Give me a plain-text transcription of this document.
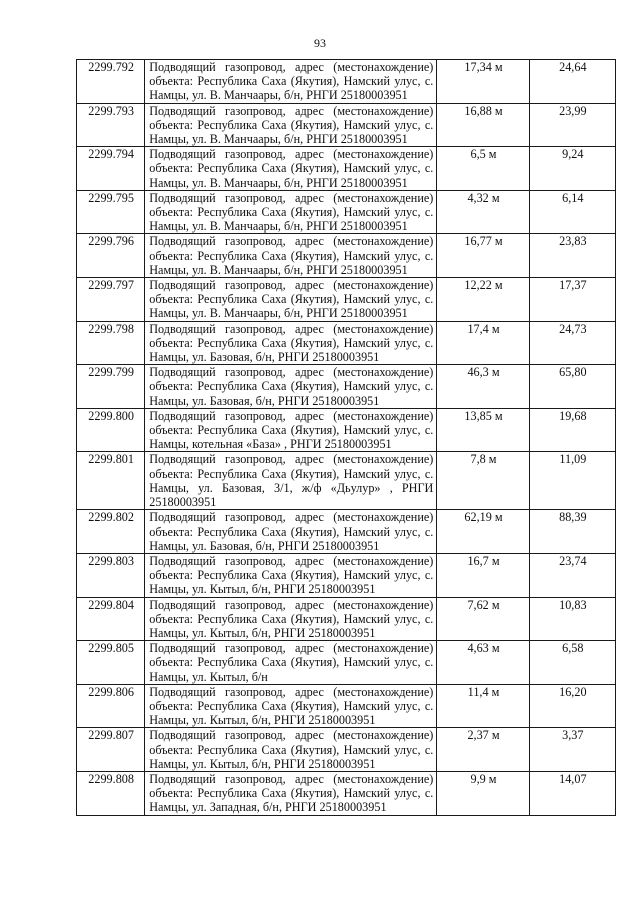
93
2299.792	Подводящий газопровод, адрес (местонахождение) объекта: Республика Саха (Якутия), Намский улус, с. Намцы, ул. В. Манчаары, б/н, РНГИ 25180003951	17,34 м	24,64
2299.793	Подводящий газопровод, адрес (местонахождение) объекта: Республика Саха (Якутия), Намский улус, с. Намцы, ул. В. Манчаары, б/н, РНГИ 25180003951	16,88 м	23,99
2299.794	Подводящий газопровод, адрес (местонахождение) объекта: Республика Саха (Якутия), Намский улус, с. Намцы, ул. В. Манчаары, б/н, РНГИ 25180003951	6,5 м	9,24
2299.795	Подводящий газопровод, адрес (местонахождение) объекта: Республика Саха (Якутия), Намский улус, с. Намцы, ул. В. Манчаары, б/н, РНГИ 25180003951	4,32 м	6,14
2299.796	Подводящий газопровод, адрес (местонахождение) объекта: Республика Саха (Якутия), Намский улус, с. Намцы, ул. В. Манчаары, б/н, РНГИ 25180003951	16,77 м	23,83
2299.797	Подводящий газопровод, адрес (местонахождение) объекта: Республика Саха (Якутия), Намский улус, с. Намцы, ул. В. Манчаары, б/н, РНГИ 25180003951	12,22 м	17,37
2299.798	Подводящий газопровод, адрес (местонахождение) объекта: Республика Саха (Якутия), Намский улус, с. Намцы, ул. Базовая, б/н, РНГИ 25180003951	17,4 м	24,73
2299.799	Подводящий газопровод, адрес (местонахождение) объекта: Республика Саха (Якутия), Намский улус, с. Намцы, ул. Базовая, б/н, РНГИ 25180003951	46,3 м	65,80
2299.800	Подводящий газопровод, адрес (местонахождение) объекта: Республика Саха (Якутия), Намский улус, с. Намцы, котельная «База» , РНГИ 25180003951	13,85 м	19,68
2299.801	Подводящий газопровод, адрес (местонахождение) объекта: Республика Саха (Якутия), Намский улус, с. Намцы, ул. Базовая, 3/1, ж/ф «Дьулур» , РНГИ 25180003951	7,8 м	11,09
2299.802	Подводящий газопровод, адрес (местонахождение) объекта: Республика Саха (Якутия), Намский улус, с. Намцы, ул. Базовая, б/н, РНГИ 25180003951	62,19 м	88,39
2299.803	Подводящий газопровод, адрес (местонахождение) объекта: Республика Саха (Якутия), Намский улус, с. Намцы, ул. Кытыл, б/н, РНГИ 25180003951	16,7 м	23,74
2299.804	Подводящий газопровод, адрес (местонахождение) объекта: Республика Саха (Якутия), Намский улус, с. Намцы, ул. Кытыл, б/н, РНГИ 25180003951	7,62 м	10,83
2299.805	Подводящий газопровод, адрес (местонахождение) объекта: Республика Саха (Якутия), Намский улус, с. Намцы, ул. Кытыл, б/н	4,63 м	6,58
2299.806	Подводящий газопровод, адрес (местонахождение) объекта: Республика Саха (Якутия), Намский улус, с. Намцы, ул. Кытыл, б/н, РНГИ 25180003951	11,4 м	16,20
2299.807	Подводящий газопровод, адрес (местонахождение) объекта: Республика Саха (Якутия), Намский улус, с. Намцы, ул. Кытыл, б/н, РНГИ 25180003951	2,37 м	3,37
2299.808	Подводящий газопровод, адрес (местонахождение) объекта: Республика Саха (Якутия), Намский улус, с. Намцы, ул. Западная, б/н, РНГИ 25180003951	9,9 м	14,07
